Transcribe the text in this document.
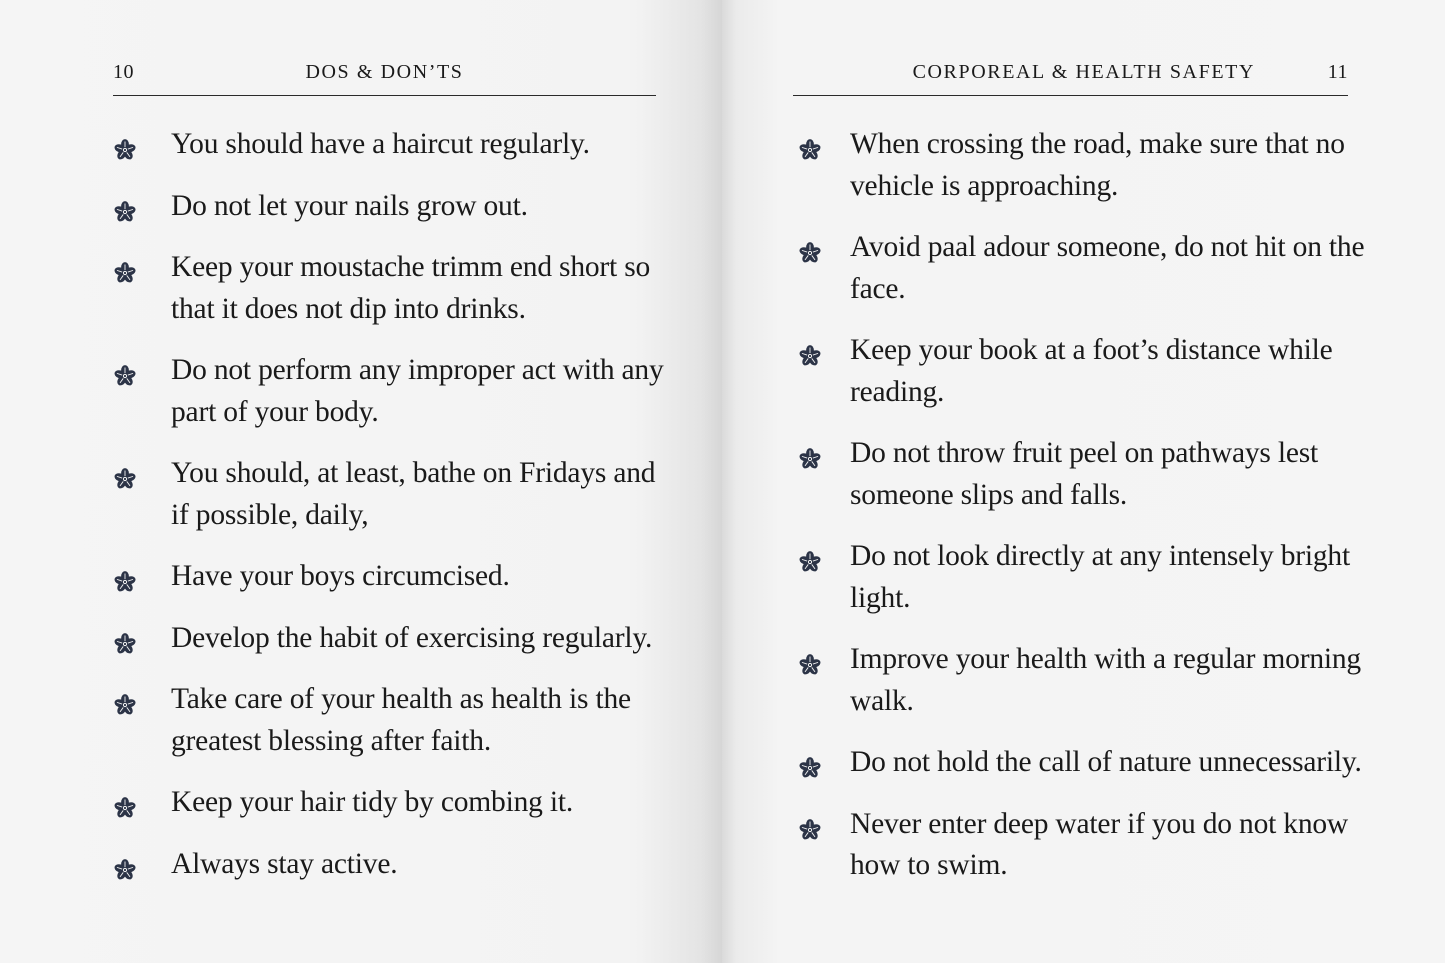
10	DOS & DON’TS
You should have a haircut regularly.
Do not let your nails grow out.
Keep your moustache trimm end short so that it does not dip into drinks.
Do not perform any improper act with any part of your body.
You should, at least, bathe on Fridays and if possible, daily,
Have your boys circumcised.
Develop the habit of exercising regularly.
Take care of your health as health is the greatest blessing after faith.
Keep your hair tidy by combing it.
Always stay active.
CORPOREAL & HEALTH SAFETY	11
When crossing the road, make sure that no vehicle is approaching.
Avoid paal adour someone, do not hit on the face.
Keep your book at a foot’s distance while reading.
Do not throw fruit peel on pathways lest someone slips and falls.
Do not look directly at any intensely bright light.
Improve your health with a regular morning walk.
Do not hold the call of nature unnecessarily.
Never enter deep water if you do not know how to swim.
